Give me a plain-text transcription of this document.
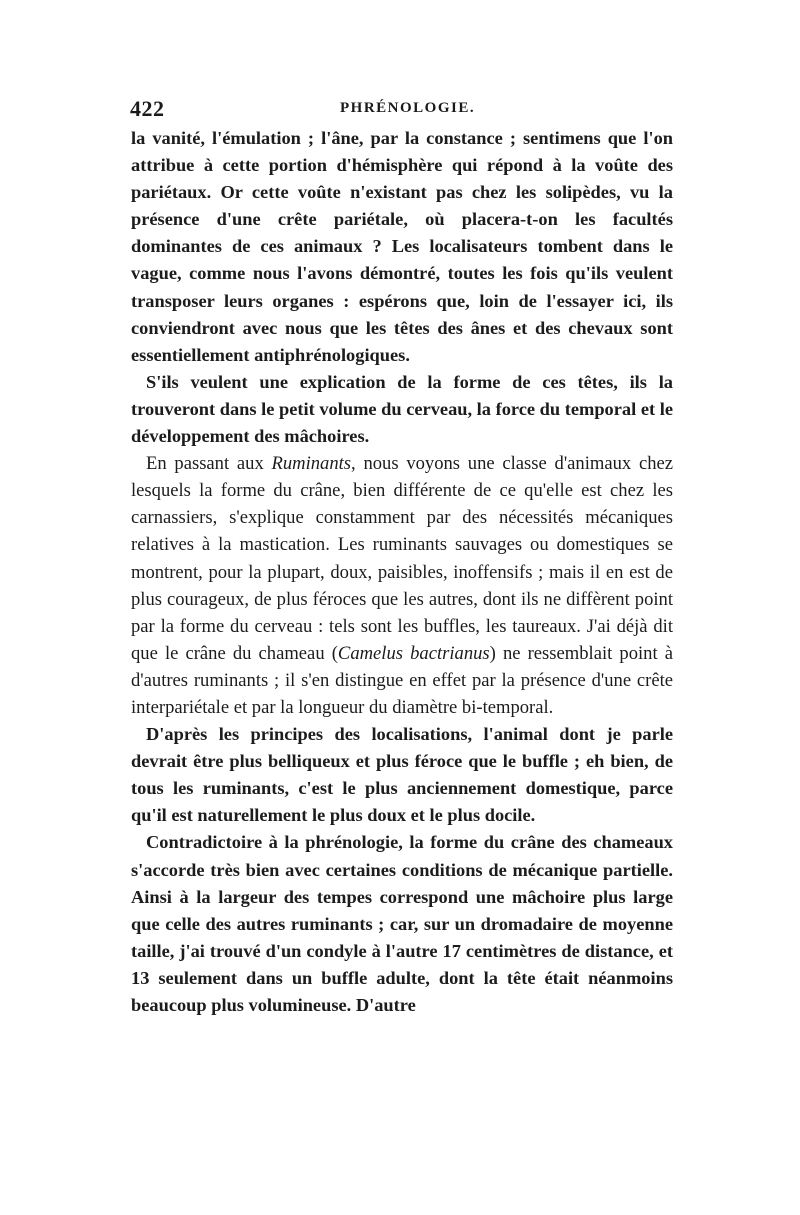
422	PHRÉNOLOGIE.

la vanité, l'émulation ; l'âne, par la constance ; sentimens que l'on attribue à cette portion d'hémisphère qui répond à la voûte des pariétaux. Or cette voûte n'existant pas chez les solipèdes, vu la présence d'une crête pariétale, où placera-t-on les facultés dominantes de ces animaux ? Les localisateurs tombent dans le vague, comme nous l'avons démontré, toutes les fois qu'ils veulent transposer leurs organes : espérons que, loin de l'essayer ici, ils conviendront avec nous que les têtes des ânes et des chevaux sont essentiellement antiphrénologiques.

S'ils veulent une explication de la forme de ces têtes, ils la trouveront dans le petit volume du cerveau, la force du temporal et le développement des mâchoires.

En passant aux Ruminants, nous voyons une classe d'animaux chez lesquels la forme du crâne, bien différente de ce qu'elle est chez les carnassiers, s'explique constamment par des nécessités mécaniques relatives à la mastication. Les ruminants sauvages ou domestiques se montrent, pour la plupart, doux, paisibles, inoffensifs ; mais il en est de plus courageux, de plus féroces que les autres, dont ils ne diffèrent point par la forme du cerveau : tels sont les buffles, les taureaux. J'ai déjà dit que le crâne du chameau (Camelus bactrianus) ne ressemblait point à d'autres ruminants ; il s'en distingue en effet par la présence d'une crête interpariétale et par la longueur du diamètre bi-temporal.

D'après les principes des localisations, l'animal dont je parle devrait être plus belliqueux et plus féroce que le buffle ; eh bien, de tous les ruminants, c'est le plus anciennement domestique, parce qu'il est naturellement le plus doux et le plus docile.

Contradictoire à la phrénologie, la forme du crâne des chameaux s'accorde très bien avec certaines conditions de mécanique partielle. Ainsi à la largeur des tempes correspond une mâchoire plus large que celle des autres ruminants ; car, sur un dromadaire de moyenne taille, j'ai trouvé d'un condyle à l'autre 17 centimètres de distance, et 13 seulement dans un buffle adulte, dont la tête était néanmoins beaucoup plus volumineuse. D'autre
